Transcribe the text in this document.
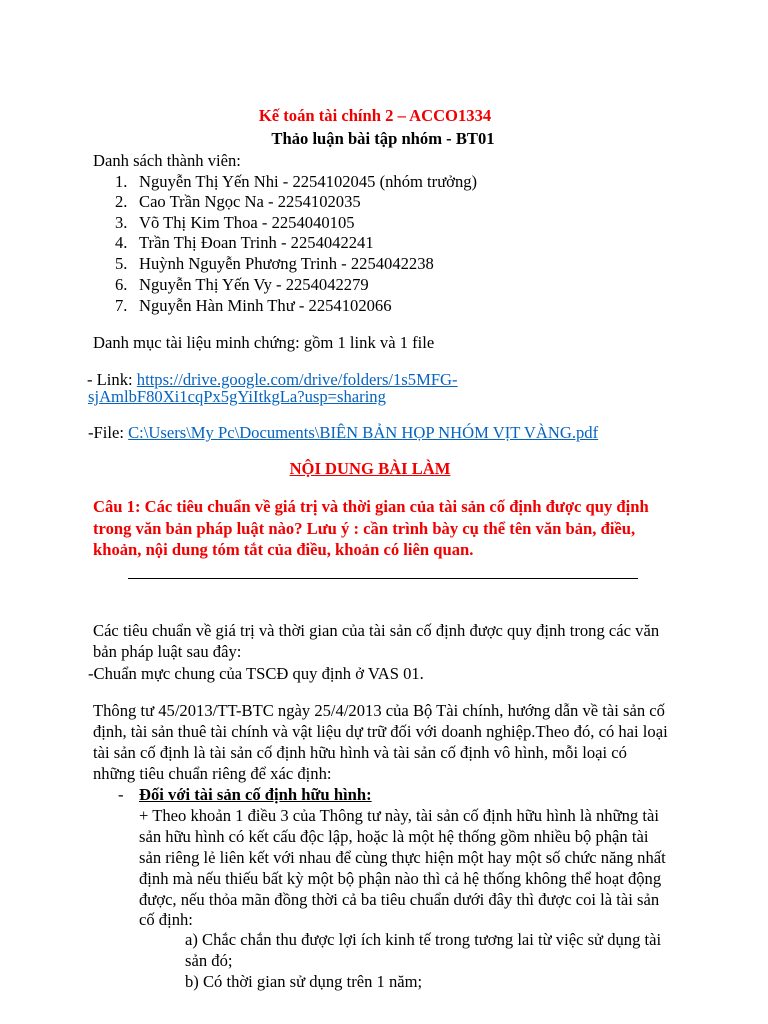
Kế toán tài chính 2 – ACCO1334
Thảo luận bài tập nhóm - BT01
Danh sách thành viên:
1. Nguyễn Thị Yến Nhi - 2254102045 (nhóm trưởng)
2. Cao Trần Ngọc Na - 2254102035
3. Võ Thị Kim Thoa - 2254040105
4. Trần Thị Đoan Trinh - 2254042241
5. Huỳnh Nguyễn Phương Trinh - 2254042238
6. Nguyễn Thị Yến Vy - 2254042279
7. Nguyễn Hàn Minh Thư - 2254102066
Danh mục tài liệu minh chứng: gồm 1 link và 1 file
- Link: https://drive.google.com/drive/folders/1s5MFG-
sjAmlbF80Xi1cqPx5gYiItkgLa?usp=sharing
-File: C:\Users\My Pc\Documents\BIÊN BẢN HỌP NHÓM VỊT VÀNG.pdf
NỘI DUNG BÀI LÀM
Câu 1: Các tiêu chuẩn về giá trị và thời gian của tài sản cố định được quy định
trong văn bản pháp luật nào? Lưu ý : cần trình bày cụ thể tên văn bản, điều,
khoản, nội dung tóm tắt của điều, khoản có liên quan.
Các tiêu chuẩn về giá trị và thời gian của tài sản cố định được quy định trong các văn
bản pháp luật sau đây:
-Chuẩn mực chung của TSCĐ quy định ở VAS 01.
Thông tư 45/2013/TT-BTC ngày 25/4/2013 của Bộ Tài chính, hướng dẫn về tài sản cố
định, tài sản thuê tài chính và vật liệu dự trữ đối với doanh nghiệp.Theo đó, có hai loại
tài sản cố định là tài sản cố định hữu hình và tài sản cố định vô hình, mỗi loại có
những tiêu chuẩn riêng để xác định:
- Đối với tài sản cố định hữu hình:
+ Theo khoản 1 điều 3 của Thông tư này, tài sản cố định hữu hình là những tài
sản hữu hình có kết cấu độc lập, hoặc là một hệ thống gồm nhiều bộ phận tài
sản riêng lẻ liên kết với nhau để cùng thực hiện một hay một số chức năng nhất
định mà nếu thiếu bất kỳ một bộ phận nào thì cả hệ thống không thể hoạt động
được, nếu thỏa mãn đồng thời cả ba tiêu chuẩn dưới đây thì được coi là tài sản
cố định:
a) Chắc chắn thu được lợi ích kinh tế trong tương lai từ việc sử dụng tài
sản đó;
b) Có thời gian sử dụng trên 1 năm;
